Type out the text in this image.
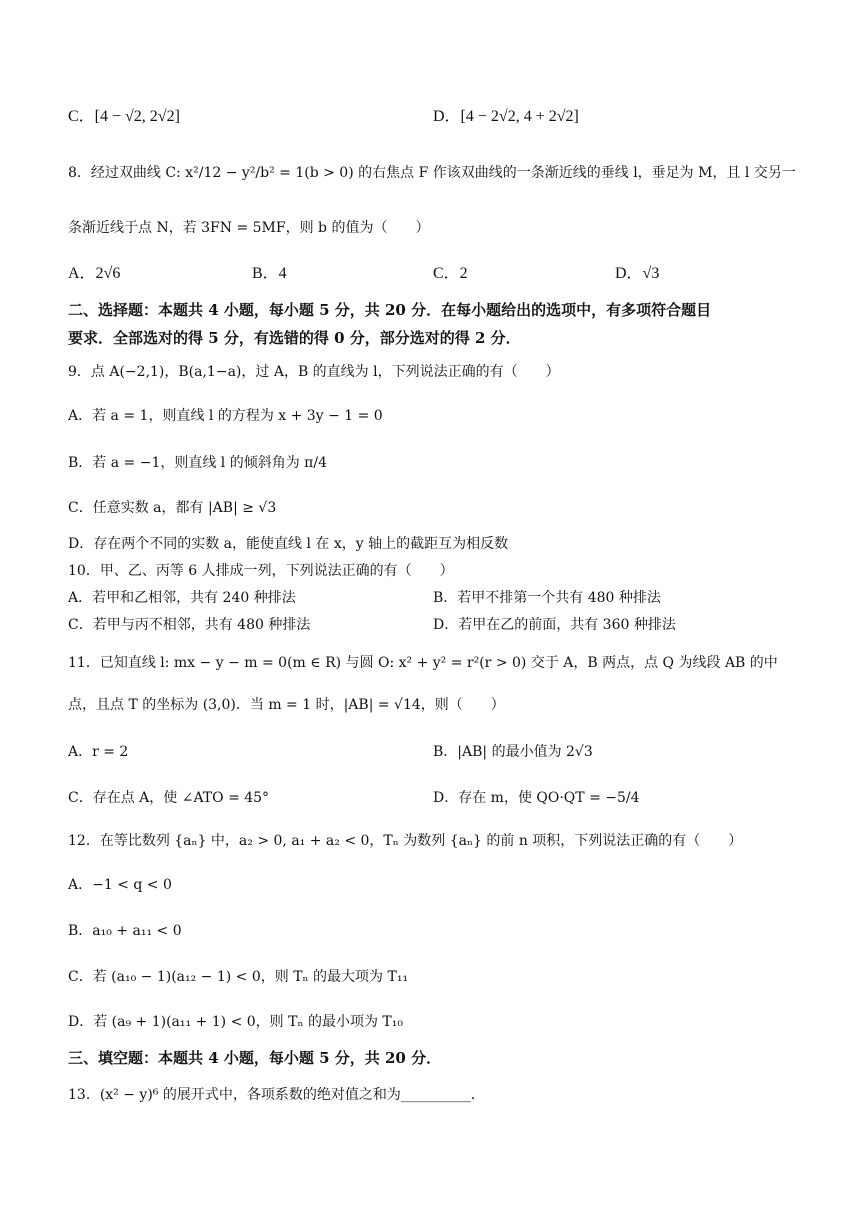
C．[4 − √2, 2√2]	D．[4 − 2√2, 4 + 2√2]
8．经过双曲线 C: x²/12 − y²/b² = 1(b > 0) 的右焦点 F 作该双曲线的一条渐近线的垂线 l，垂足为 M，且 l 交另一
条渐近线于点 N，若 3FN = 5MF，则 b 的值为（　　）
A．2√6	B．4	C．2	D．√3
二、选择题：本题共 4 小题，每小题 5 分，共 20 分．在每小题给出的选项中，有多项符合题目
要求．全部选对的得 5 分，有选错的得 0 分，部分选对的得 2 分．
9．点 A(−2,1)，B(a,1−a)，过 A，B 的直线为 l，下列说法正确的有（　　）
A．若 a = 1，则直线 l 的方程为 x + 3y − 1 = 0
B．若 a = −1，则直线 l 的倾斜角为 π/4
C．任意实数 a，都有 |AB| ≥ √3
D．存在两个不同的实数 a，能使直线 l 在 x，y 轴上的截距互为相反数
10．甲、乙、丙等 6 人排成一列，下列说法正确的有（　　）
A．若甲和乙相邻，共有 240 种排法	B．若甲不排第一个共有 480 种排法
C．若甲与丙不相邻，共有 480 种排法	D．若甲在乙的前面，共有 360 种排法
11．已知直线 l: mx − y − m = 0(m ∈ R) 与圆 O: x² + y² = r²(r > 0) 交于 A，B 两点，点 Q 为线段 AB 的中
点，且点 T 的坐标为 (3,0)．当 m = 1 时，|AB| = √14，则（　　）
A．r = 2	B．|AB| 的最小值为 2√3
C．存在点 A，使 ∠ATO = 45°	D．存在 m，使 QO·QT = −5/4
12．在等比数列 {aₙ} 中，a₂ > 0, a₁ + a₂ < 0，Tₙ 为数列 {aₙ} 的前 n 项积，下列说法正确的有（　　）
A．−1 < q < 0
B．a₁₀ + a₁₁ < 0
C．若 (a₁₀ − 1)(a₁₂ − 1) < 0，则 Tₙ 的最大项为 T₁₁
D．若 (a₉ + 1)(a₁₁ + 1) < 0，则 Tₙ 的最小项为 T₁₀
三、填空题：本题共 4 小题，每小题 5 分，共 20 分．
13．(x² − y)⁶ 的展开式中，各项系数的绝对值之和为__________．
